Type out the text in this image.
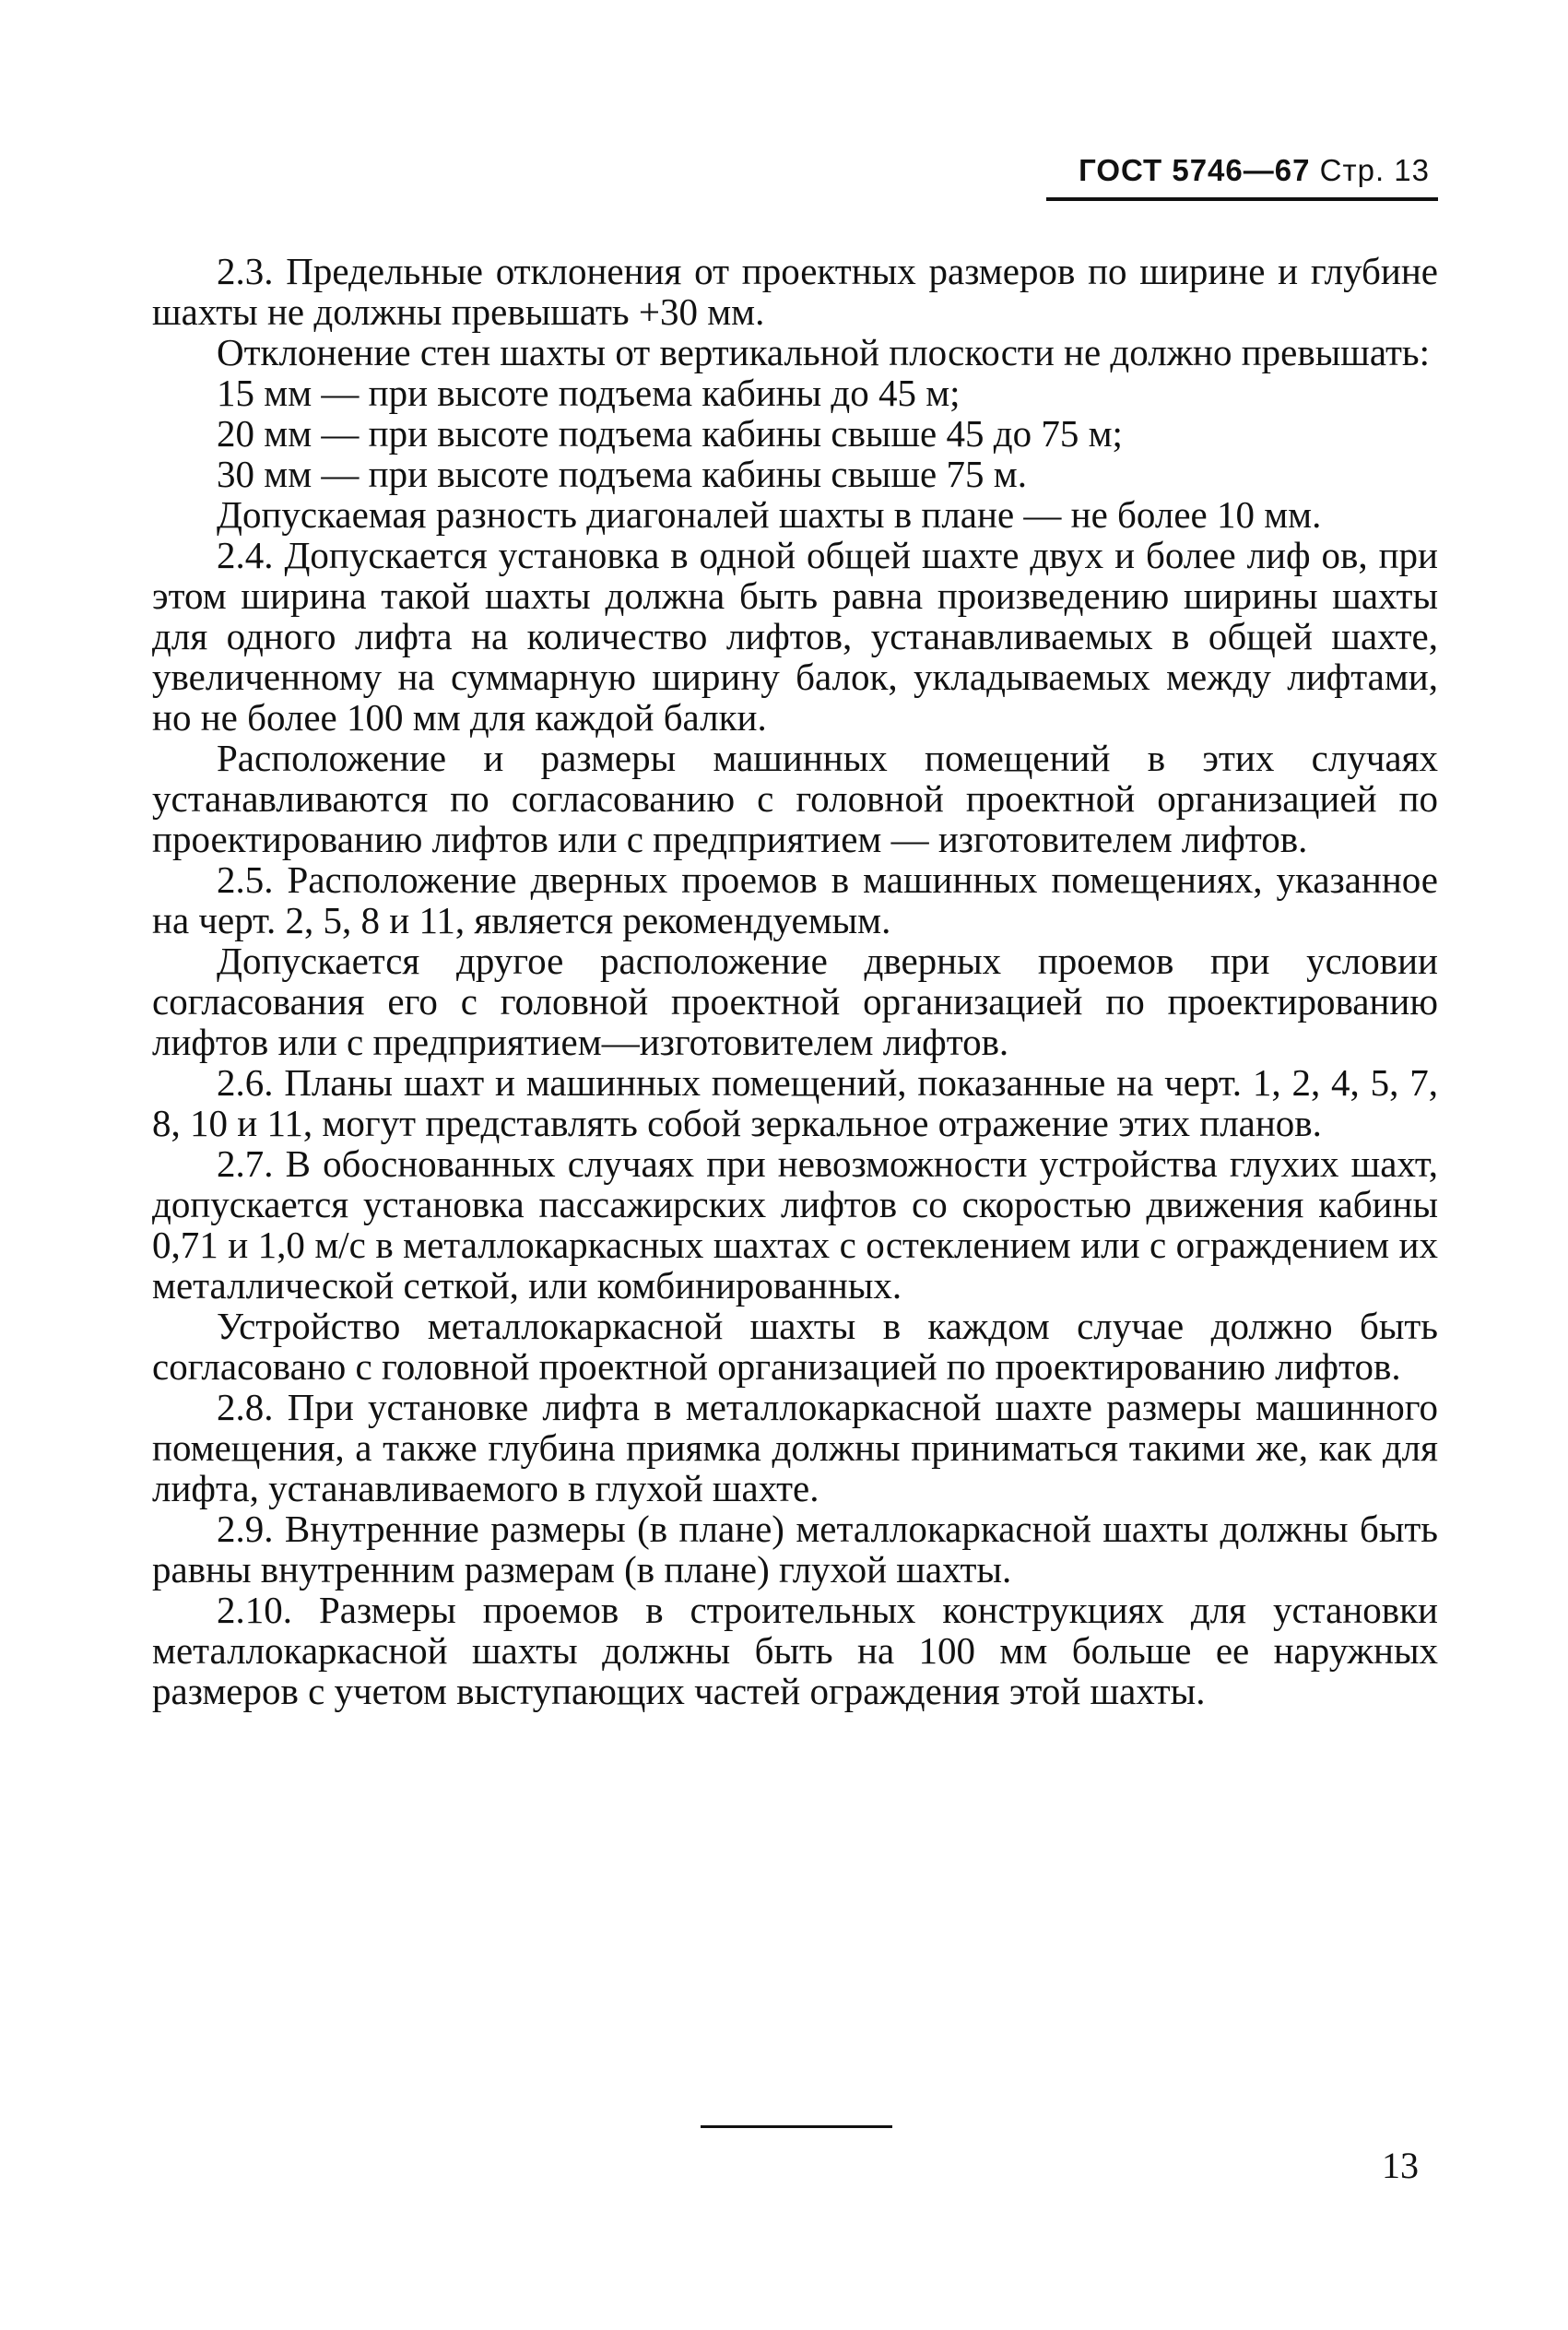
ГОСТ 5746—67 Стр. 13

2.3. Предельные отклонения от проектных размеров по ширине и глубине шахты не должны превышать +30 мм.

Отклонение стен шахты от вертикальной плоскости не должно превышать:

15 мм — при высоте подъема кабины до 45 м;

20 мм — при высоте подъема кабины свыше 45 до 75 м;

30 мм — при высоте подъема кабины свыше 75 м.

Допускаемая разность диагоналей шахты в плане — не более 10 мм.

2.4. Допускается установка в одной общей шахте двух и более лиф ов, при этом ширина такой шахты должна быть равна произведению ширины шахты для одного лифта на количество лифтов, устанавливаемых в общей шахте, увеличенному на суммарную ширину балок, укладываемых между лифтами, но не более 100 мм для каждой балки.

Расположение и размеры машинных помещений в этих случаях устанавливаются по согласованию с головной проектной организацией по проектированию лифтов или с предприятием — изготовителем лифтов.

2.5. Расположение дверных проемов в машинных помещениях, указанное на черт. 2, 5, 8 и 11, является рекомендуемым.

Допускается другое расположение дверных проемов при условии согласования его с головной проектной организацией по проектированию лифтов или с предприятием—изготовителем лифтов.

2.6. Планы шахт и машинных помещений, показанные на черт. 1, 2, 4, 5, 7, 8, 10 и 11, могут представлять собой зеркальное отражение этих планов.

2.7. В обоснованных случаях при невозможности устройства глухих шахт, допускается установка пассажирских лифтов со скоростью движения кабины 0,71 и 1,0 м/с в металлокаркасных шахтах с остеклением или с ограждением их металлической сеткой, или комбинированных.

Устройство металлокаркасной шахты в каждом случае должно быть согласовано с головной проектной организацией по проектированию лифтов.

2.8. При установке лифта в металлокаркасной шахте размеры машинного помещения, а также глубина приямка должны приниматься такими же, как для лифта, устанавливаемого в глухой шахте.

2.9. Внутренние размеры (в плане) металлокаркасной шахты должны быть равны внутренним размерам (в плане) глухой шахты.

2.10. Размеры проемов в строительных конструкциях для установки металлокаркасной шахты должны быть на 100 мм больше ее наружных размеров с учетом выступающих частей ограждения этой шахты.

13
